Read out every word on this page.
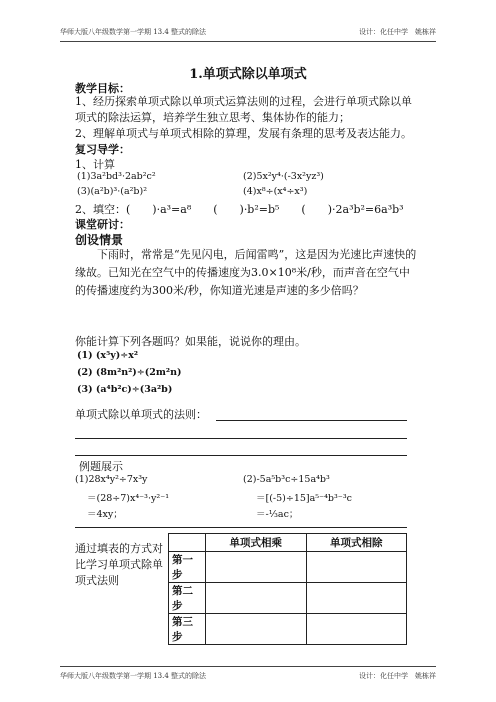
华师大版八年级数学第一学期 13.4 整式的除法	设计：化任中学　姚栋祥
1.单项式除以单项式
教学目标：
1、经历探索单项式除以单项式运算法则的过程，会进行单项式除以单项式的除法运算，培养学生独立思考、集体协作的能力；
2、理解单项式与单项式相除的算理，发展有条理的思考及表达能力。
复习导学：
1、计算
(1)3a²bd³·2ab²c²	(2)5x²y⁴·(-3x²yz³)
(3)(a²b)³·(a²b)²	(4)x⁸÷(x⁴÷x³)
2、填空：(　　)·a³=a⁸　　(　　)·b²=b⁵　　(　　)·2a³b²=6a³b³
课堂研讨：
创设情景
下雨时，常常是“先见闪电，后闻雷鸣”，这是因为光速比声速快的缘故。已知光在空气中的传播速度为3.0×10⁸米/秒，而声音在空气中的传播速度约为300米/秒，你知道光速是声速的多少倍吗？
你能计算下列各题吗？如果能，说说你的理由。
(1) (x⁵y)÷x²
(2) (8m²n²)÷(2m²n)
(3) (a⁴b²c)÷(3a²b)
单项式除以单项式的法则：
例题展示
(1)28x⁴y²÷7x³y
＝(28÷7)x⁴⁻³·y²⁻¹
＝4xy；
(2)-5a⁵b³c÷15a⁴b³
＝[(-5)÷15]a⁵⁻⁴b³⁻³c
＝-⅓ac；
通过填表的方式对比学习单项式除单项式法则
	单项式相乘	单项式相除
第一步		
第二步		
第三步		
华师大版八年级数学第一学期 13.4 整式的除法	设计：化任中学　姚栋祥
